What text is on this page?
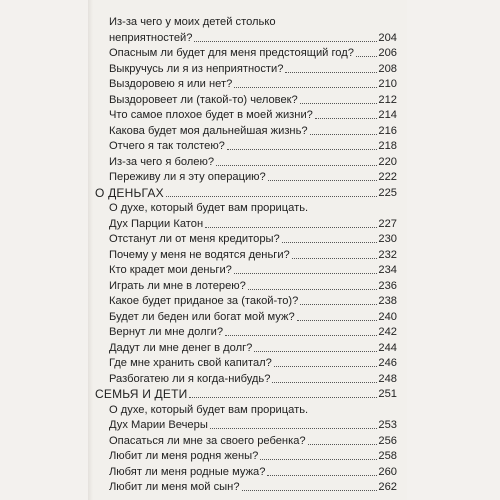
Из-за чего у моих детей столько
неприятностей?	204
Опасным ли будет для меня предстоящий год? 206
Выкручусь ли я из неприятности?	208
Выздоровею я или нет?	210
Выздоровеет ли (такой-то) человек?	212
Что самое плохое будет в моей жизни?	214
Какова будет моя дальнейшая жизнь?	216
Отчего я так толстею?	218
Из-за чего я болею?	220
Переживу ли я эту операцию?	222
О ДЕНЬГАХ	225
О духе, который будет вам прорицать.
Дух Парции Катон	227
Отстанут ли от меня кредиторы?	230
Почему у меня не водятся деньги?	232
Кто крадет мои деньги?	234
Играть ли мне в лотерею?	236
Какое будет приданое за (такой-то)?	238
Будет ли беден или богат мой муж?	240
Вернут ли мне долги?	242
Дадут ли мне денег в долг?	244
Где мне хранить свой капитал?	246
Разбогатею ли я когда-нибудь?	248
СЕМЬЯ И ДЕТИ	251
О духе, который будет вам прорицать.
Дух Марии Вечеры	253
Опасаться ли мне за своего ребенка?	256
Любит ли меня родня жены?	258
Любят ли меня родные мужа?	260
Любит ли меня мой сын?	262
